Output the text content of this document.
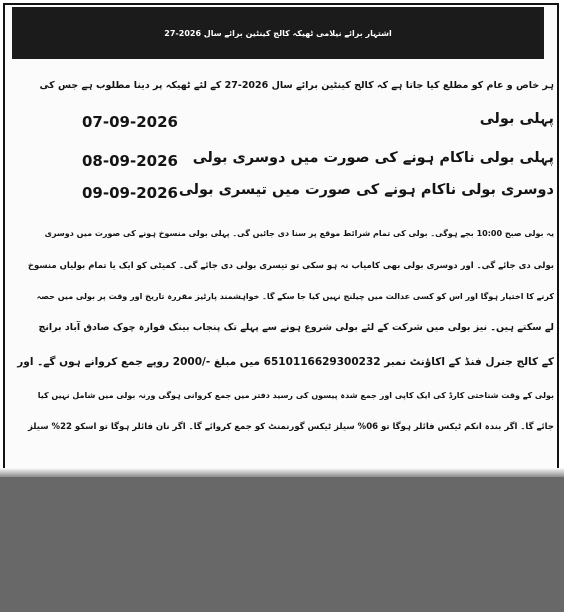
اشتہار برائے نیلامی ٹھیکہ کالج کینٹین برائے سال 2026-27
ہر خاص و عام کو مطلع کیا جاتا ہے کہ کالج کینٹین برائے سال 2026-27 کے لئے ٹھیکہ پر دینا مطلوب ہے جس کی
پہلی بولی
07-09-2026
پہلی بولی ناکام ہونے کی صورت میں دوسری بولی
08-09-2026
دوسری بولی ناکام ہونے کی صورت میں تیسری بولی
09-09-2026
یہ بولی صبح 10:00 بجے ہوگی۔ بولی کی تمام شرائط موقع پر سنا دی جائیں گی۔ پہلی بولی منسوخ ہونے کی صورت میں دوسری
بولی دی جائے گی۔ اور دوسری بولی بھی کامیاب نہ ہو سکی تو تیسری بولی دی جائے گی۔ کمیٹی کو ایک یا تمام بولیاں منسوخ
کرنے کا اختیار ہوگا اور اس کو کسی عدالت میں چیلنج نہیں کیا جا سکے گا۔ خواہشمند پارٹیز مقررہ تاریخ اور وقت پر بولی میں حصہ
لے سکتے ہیں۔ نیز بولی میں شرکت کے لئے بولی شروع ہونے سے پہلے تک پنجاب بینک فوارہ چوک صادق آباد برانچ
کے کالج جنرل فنڈ کے اکاؤنٹ نمبر 6510116629300232 میں مبلغ -/2000 روپے جمع کروانے ہوں گے۔ اور
بولی کے وقت شناختی کارڈ کی ایک کاپی اور جمع شدہ پیسوں کی رسید دفتر میں جمع کروانی ہوگی ورنہ بولی میں شامل نہیں کیا
جائے گا۔ اگر بندہ انکم ٹیکس فائلر ہوگا تو 06% سیلز ٹیکس گورنمنٹ کو جمع کروائے گا۔ اگر نان فائلر ہوگا تو اسکو 22% سیلز
